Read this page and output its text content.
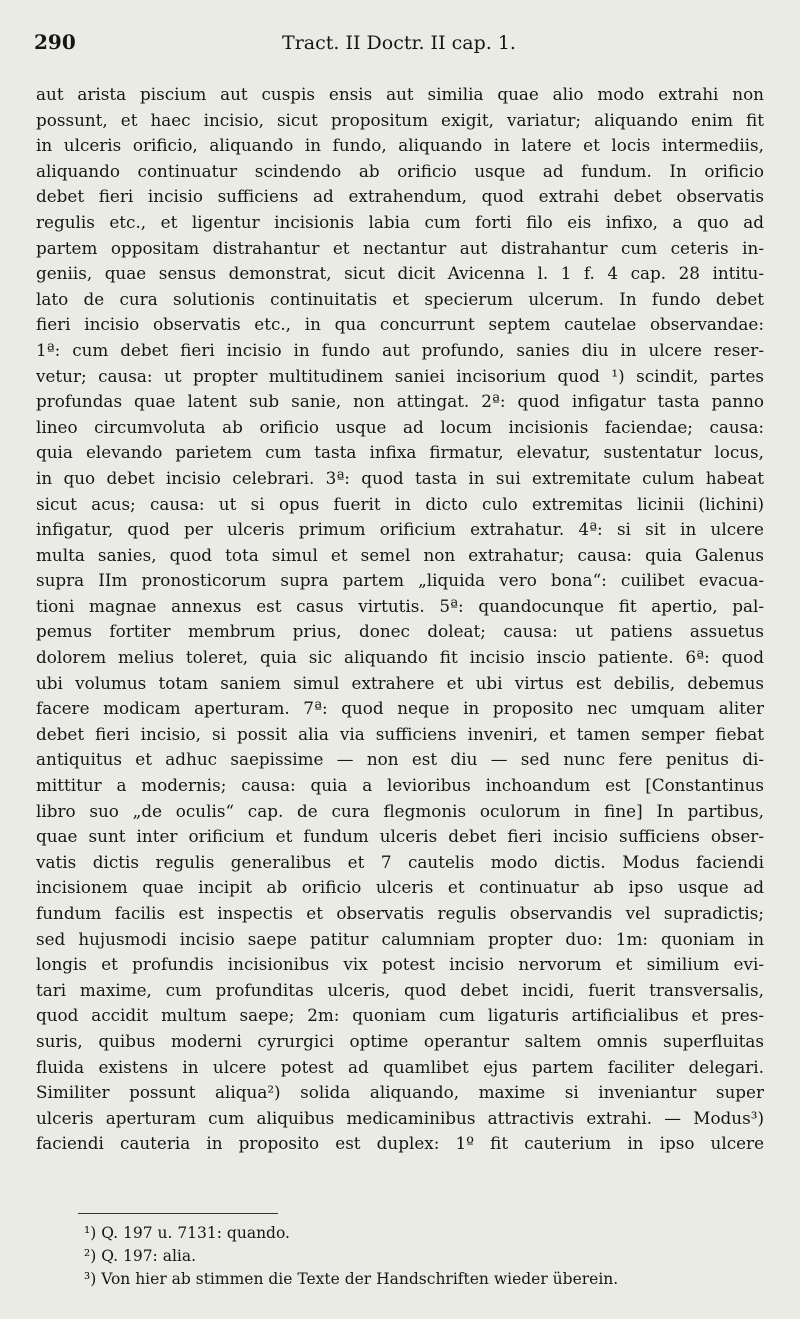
290	Tract. II Doctr. II cap. 1.
aut arista piscium aut cuspis ensis aut similia quae alio modo extrahi non
possunt, et haec incisio, sicut propositum exigit, variatur; aliquando enim fit
in ulceris orificio, aliquando in fundo, aliquando in latere et locis intermediis,
aliquando continuatur scindendo ab orificio usque ad fundum. In orificio
debet fieri incisio sufficiens ad extrahendum, quod extrahi debet observatis
regulis etc., et ligentur incisionis labia cum forti filo eis infixo, a quo ad
partem oppositam distrahantur et nectantur aut distrahantur cum ceteris in-
geniis, quae sensus demonstrat, sicut dicit Avicenna l. 1 f. 4 cap. 28 intitu-
lato de cura solutionis continuitatis et specierum ulcerum. In fundo debet
fieri incisio observatis etc., in qua concurrunt septem cautelae observandae:
1ª: cum debet fieri incisio in fundo aut profundo, sanies diu in ulcere reser-
vetur; causa: ut propter multitudinem saniei incisorium quod ¹) scindit, partes
profundas quae latent sub sanie, non attingat. 2ª: quod infigatur tasta panno
lineo circumvoluta ab orificio usque ad locum incisionis faciendae; causa:
quia elevando parietem cum tasta infixa firmatur, elevatur, sustentatur locus,
in quo debet incisio celebrari. 3ª: quod tasta in sui extremitate culum habeat
sicut acus; causa: ut si opus fuerit in dicto culo extremitas licinii (lichini)
infigatur, quod per ulceris primum orificium extrahatur. 4ª: si sit in ulcere
multa sanies, quod tota simul et semel non extrahatur; causa: quia Galenus
supra IIm pronosticorum supra partem „liquida vero bona“: cuilibet evacua-
tioni magnae annexus est casus virtutis. 5ª: quandocunque fit apertio, pal-
pemus fortiter membrum prius, donec doleat; causa: ut patiens assuetus
dolorem melius toleret, quia sic aliquando fit incisio inscio patiente. 6ª: quod
ubi volumus totam saniem simul extrahere et ubi virtus est debilis, debemus
facere modicam aperturam. 7ª: quod neque in proposito nec umquam aliter
debet fieri incisio, si possit alia via sufficiens inveniri, et tamen semper fiebat
antiquitus et adhuc saepissime — non est diu — sed nunc fere penitus di-
mittitur a modernis; causa: quia a levioribus inchoandum est [Constantinus
libro suo „de oculis“ cap. de cura flegmonis oculorum in fine] In partibus,
quae sunt inter orificium et fundum ulceris debet fieri incisio sufficiens obser-
vatis dictis regulis generalibus et 7 cautelis modo dictis. Modus faciendi
incisionem quae incipit ab orificio ulceris et continuatur ab ipso usque ad
fundum facilis est inspectis et observatis regulis observandis vel supradictis;
sed hujusmodi incisio saepe patitur calumniam propter duo: 1m: quoniam in
longis et profundis incisionibus vix potest incisio nervorum et similium evi-
tari maxime, cum profunditas ulceris, quod debet incidi, fuerit transversalis,
quod accidit multum saepe; 2m: quoniam cum ligaturis artificialibus et pres-
suris, quibus moderni cyrurgici optime operantur saltem omnis superfluitas
fluida existens in ulcere potest ad quamlibet ejus partem faciliter delegari.
Similiter possunt aliqua²) solida aliquando, maxime si inveniantur super
ulceris aperturam cum aliquibus medicaminibus attractivis extrahi. — Modus³)
faciendi cauteria in proposito est duplex: 1º fit cauterium in ipso ulcere
¹) Q. 197 u. 7131: quando.
²) Q. 197: alia.
³) Von hier ab stimmen die Texte der Handschriften wieder überein.
